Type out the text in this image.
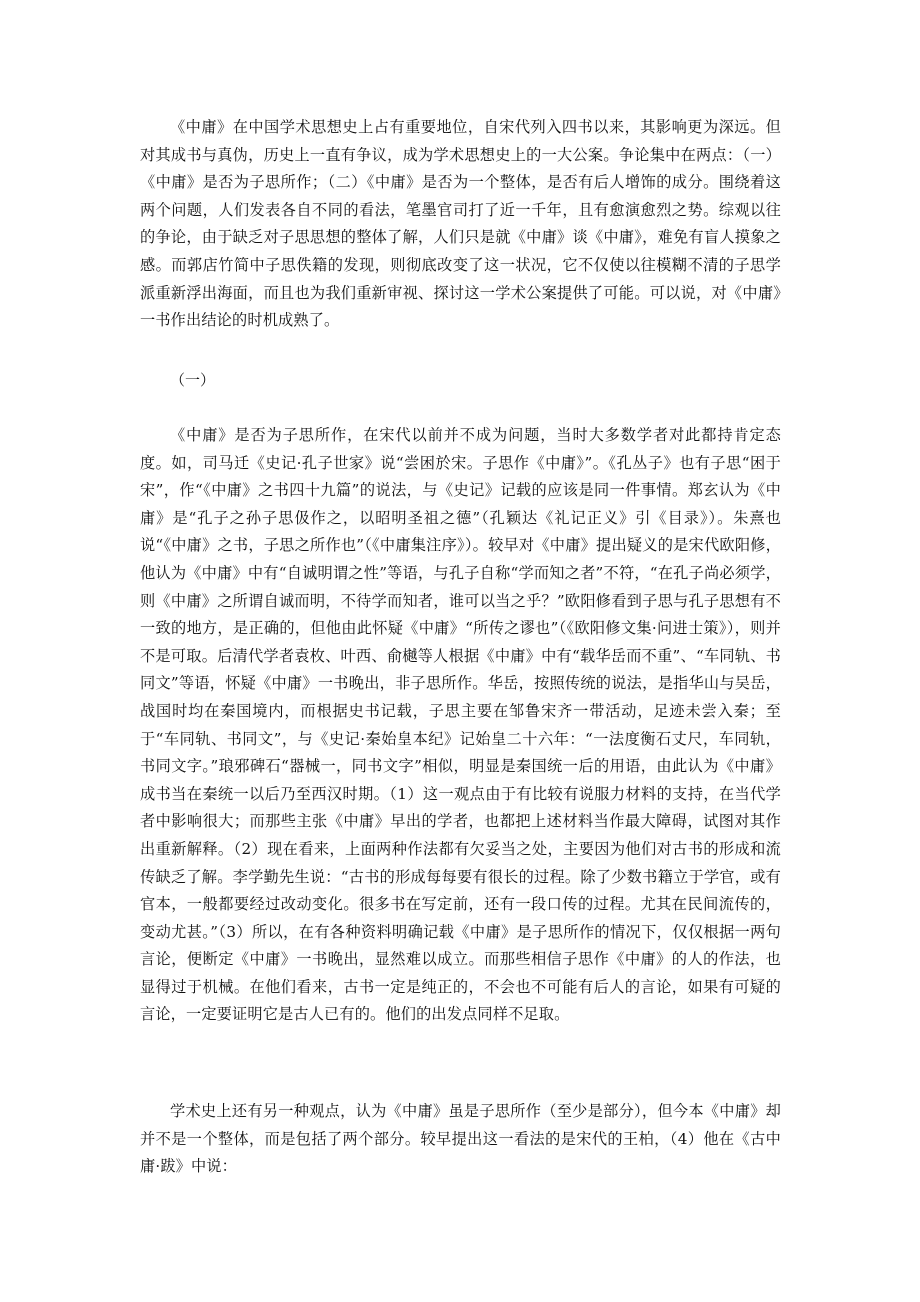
《中庸》在中国学术思想史上占有重要地位，自宋代列入四书以来，其影响更为深远。但对其成书与真伪，历史上一直有争议，成为学术思想史上的一大公案。争论集中在两点：（一）《中庸》是否为子思所作；（二）《中庸》是否为一个整体，是否有后人增饰的成分。围绕着这两个问题，人们发表各自不同的看法，笔墨官司打了近一千年，且有愈演愈烈之势。综观以往的争论，由于缺乏对子思思想的整体了解，人们只是就《中庸》谈《中庸》，难免有盲人摸象之感。而郭店竹简中子思佚籍的发现，则彻底改变了这一状况，它不仅使以往模糊不清的子思学派重新浮出海面，而且也为我们重新审视、探讨这一学术公案提供了可能。可以说，对《中庸》一书作出结论的时机成熟了。

（一）

《中庸》是否为子思所作，在宋代以前并不成为问题，当时大多数学者对此都持肯定态度。如，司马迁《史记·孔子世家》说“尝困於宋。子思作《中庸》”。《孔丛子》也有子思“困于宋”，作“《中庸》之书四十九篇”的说法，与《史记》记载的应该是同一件事情。郑玄认为《中庸》是“孔子之孙子思伋作之，以昭明圣祖之德”（孔颖达《礼记正义》引《目录》）。朱熹也说“《中庸》之书，子思之所作也”（《中庸集注序》）。较早对《中庸》提出疑义的是宋代欧阳修，他认为《中庸》中有“自诚明谓之性”等语，与孔子自称“学而知之者”不符，“在孔子尚必须学，则《中庸》之所谓自诚而明，不待学而知者，谁可以当之乎？”欧阳修看到子思与孔子思想有不一致的地方，是正确的，但他由此怀疑《中庸》“所传之谬也”（《欧阳修文集·问进士策》），则并不是可取。后清代学者袁枚、叶西、俞樾等人根据《中庸》中有“载华岳而不重”、“车同轨、书同文”等语，怀疑《中庸》一书晚出，非子思所作。华岳，按照传统的说法，是指华山与吴岳，战国时均在秦国境内，而根据史书记载，子思主要在邹鲁宋齐一带活动，足迹未尝入秦；至于“车同轨、书同文”，与《史记·秦始皇本纪》记始皇二十六年：“一法度衡石丈尺，车同轨，书同文字。”琅邪碑石“器械一，同书文字”相似，明显是秦国统一后的用语，由此认为《中庸》成书当在秦统一以后乃至西汉时期。（1）这一观点由于有比较有说服力材料的支持，在当代学者中影响很大；而那些主张《中庸》早出的学者，也都把上述材料当作最大障碍，试图对其作出重新解释。（2）现在看来，上面两种作法都有欠妥当之处，主要因为他们对古书的形成和流传缺乏了解。李学勤先生说：“古书的形成每每要有很长的过程。除了少数书籍立于学官，或有官本，一般都要经过改动变化。很多书在写定前，还有一段口传的过程。尤其在民间流传的，变动尤甚。”（3）所以，在有各种资料明确记载《中庸》是子思所作的情况下，仅仅根据一两句言论，便断定《中庸》一书晚出，显然难以成立。而那些相信子思作《中庸》的人的作法，也显得过于机械。在他们看来，古书一定是纯正的，不会也不可能有后人的言论，如果有可疑的言论，一定要证明它是古人已有的。他们的出发点同样不足取。

学术史上还有另一种观点，认为《中庸》虽是子思所作（至少是部分），但今本《中庸》却并不是一个整体，而是包括了两个部分。较早提出这一看法的是宋代的王柏，（4）他在《古中庸·跋》中说：
